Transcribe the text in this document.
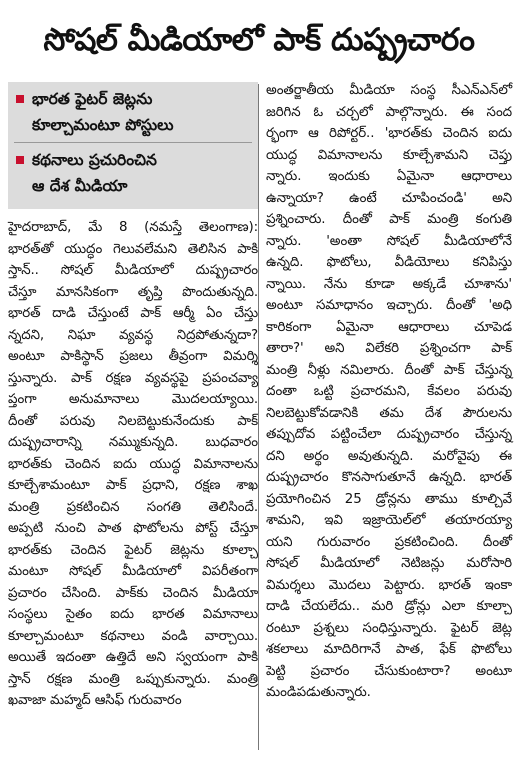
సోషల్ మీడియాలో పాక్ దుష్ప్రచారం
భారత ఫైటర్ జెట్లను
కూల్చామంటూ పోస్టులు
కథనాలు ప్రచురించిన
ఆ దేశ మీడియా
హైదరాబాద్, మే 8 (నమస్తే తెలంగాణ):
భారత్‌తో యుద్ధం గెలువలేమని తెలిసిన పాకి
స్తాన్.. సోషల్ మీడియాలో దుష్ప్రచారం
చేస్తూ మానసికంగా తృప్తి పొందుతున్నది.
భారత్ దాడి చేస్తుంటే పాక్ ఆర్మీ ఏం చేస్తు
న్నదని, నిఘా వ్యవస్థ నిద్రపోతున్నదా?
అంటూ పాకిస్థాన్ ప్రజలు తీవ్రంగా విమర్శి
స్తున్నారు. పాక్ రక్షణ వ్యవస్థపై ప్రపంచవ్యా
ప్తంగా అనుమానాలు మొదలయ్యాయి.
దీంతో పరువు నిలబెట్టుకునేందుకు పాక్
దుష్ప్రచారాన్ని నమ్ముకున్నది. బుధవారం
భారత్‌కు చెందిన ఐదు యుద్ధ విమానాలను
కూల్చేశామంటూ పాక్ ప్రధాని, రక్షణ శాఖ
మంత్రి ప్రకటించిన సంగతి తెలిసిందే.
అప్పటి నుంచి పాత ఫొటోలను పోస్ట్ చేస్తూ
భారత్‌కు చెందిన ఫైటర్ జెట్లను కూల్చా
మంటూ సోషల్ మీడియాలో విపరీతంగా
ప్రచారం చేసింది. పాక్‌కు చెందిన మీడియా
సంస్థలు సైతం ఐదు భారత విమానాలు
కూల్చామంటూ కథనాలు వండి వార్చాయి.
అయితే ఇదంతా ఉత్తిదే అని స్వయంగా పాకి
స్తాన్ రక్షణ మంత్రి ఒప్పుకున్నారు. మంత్రి
ఖవాజా మహ్మద్ ఆసిఫ్ గురువారం
అంతర్జాతీయ మీడియా సంస్థ సీఎన్ఎన్‌లో
జరిగిన ఓ చర్చలో పాల్గొన్నారు. ఈ సంద
ర్భంగా ఆ రిపోర్టర్.. 'భారత్‌కు చెందిన ఐదు
యుద్ధ విమానాలను కూల్చేశామని చెప్తు
న్నారు. ఇందుకు ఏమైనా ఆధారాలు
ఉన్నాయా? ఉంటే చూపించండి' అని
ప్రశ్నించారు. దీంతో పాక్ మంత్రి కంగుతి
న్నారు. 'అంతా సోషల్ మీడియాలోనే
ఉన్నది. ఫొటోలు, వీడియోలు కనిపిస్తు
న్నాయి. నేను కూడా అక్కడే చూశాను'
అంటూ సమాధానం ఇచ్చారు. దీంతో 'అధి
కారికంగా ఏమైనా ఆధారాలు చూపెడ
తారా?' అని విలేకరి ప్రశ్నించగా పాక్
మంత్రి నీళ్లు నమిలారు. దీంతో పాక్ చేస్తున్న
దంతా ఒట్టి ప్రచారమని, కేవలం పరువు
నిలబెట్టుకోవడానికి తమ దేశ పౌరులను
తప్పుదోవ పట్టించేలా దుష్ప్రచారం చేస్తున్న
దని అర్థం అవుతున్నది. మరోవైపు ఈ
దుష్ప్రచారం కొనసాగుతూనే ఉన్నది. భారత్
ప్రయోగించిన 25 డ్రోన్లను తాము కూల్చివే
శామని, ఇవి ఇజ్రాయెల్‌లో తయారయ్యా
యని గురువారం ప్రకటించింది. దీంతో
సోషల్ మీడియాలో నెటిజన్లు మరోసారి
విమర్శలు మొదలు పెట్టారు. భారత్ ఇంకా
దాడి చేయలేదు.. మరి డ్రోన్లు ఎలా కూల్చా
రంటూ ప్రశ్నలు సంధిస్తున్నారు. ఫైటర్ జెట్ల
శకలాలు మాదిరిగానే పాత, ఫేక్ ఫొటోలు
పెట్టి ప్రచారం చేసుకుంటారా? అంటూ
మండిపడుతున్నారు.
